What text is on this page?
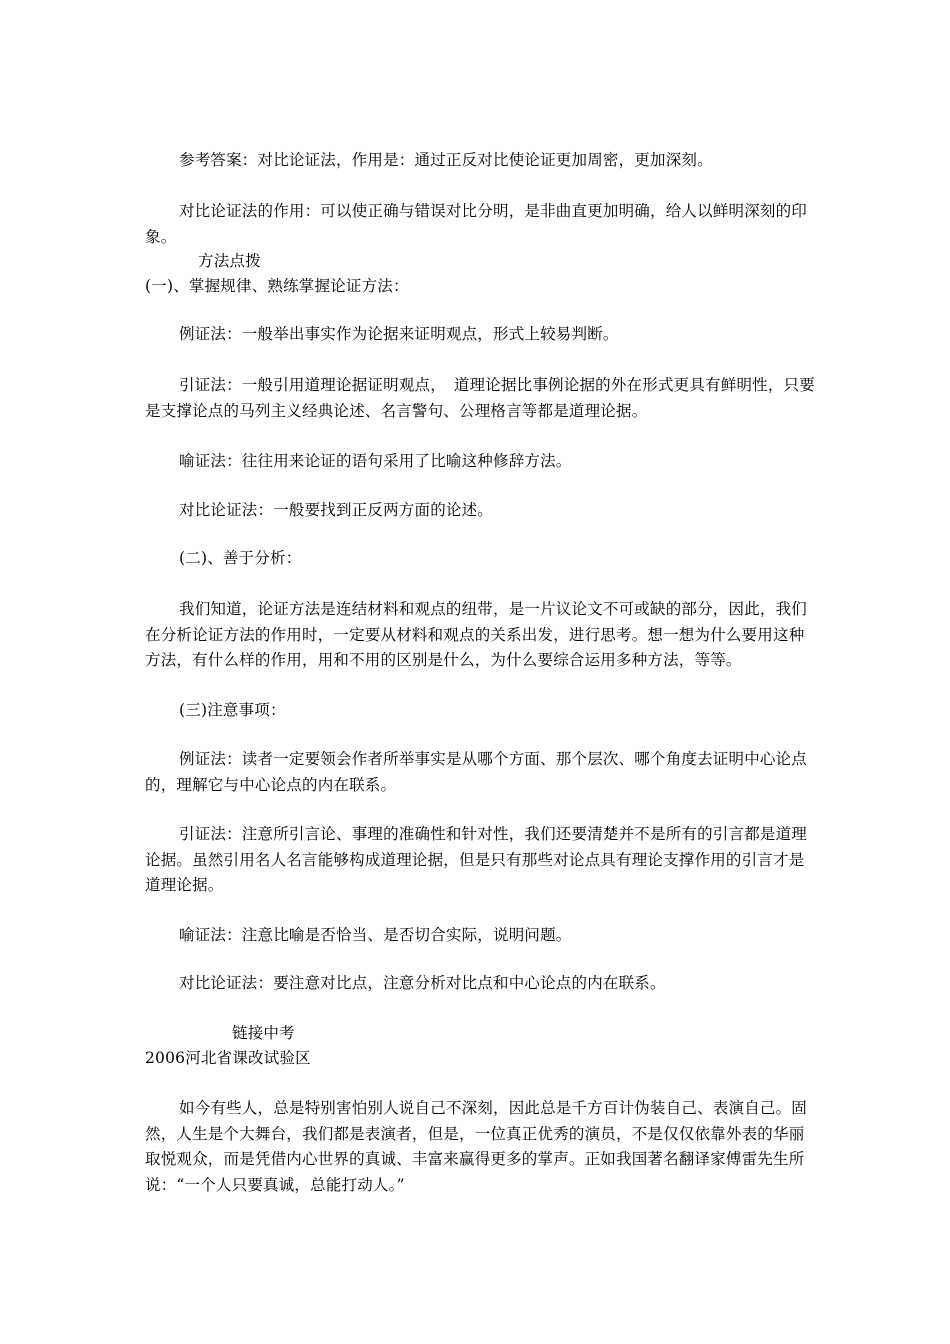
参考答案：对比论证法，作用是：通过正反对比使论证更加周密，更加深刻。

对比论证法的作用：可以使正确与错误对比分明，是非曲直更加明确，给人以鲜明深刻的印象。

方法点拨

(一)、掌握规律、熟练掌握论证方法：

例证法：一般举出事实作为论据来证明观点，形式上较易判断。

引证法：一般引用道理论据证明观点，　道理论据比事例论据的外在形式更具有鲜明性，只要是支撑论点的马列主义经典论述、名言警句、公理格言等都是道理论据。

喻证法：往往用来论证的语句采用了比喻这种修辞方法。

对比论证法：一般要找到正反两方面的论述。

(二)、善于分析：

我们知道，论证方法是连结材料和观点的纽带，是一片议论文不可或缺的部分，因此，我们在分析论证方法的作用时，一定要从材料和观点的关系出发，进行思考。想一想为什么要用这种方法，有什么样的作用，用和不用的区别是什么，为什么要综合运用多种方法，等等。

(三)注意事项：

例证法：读者一定要领会作者所举事实是从哪个方面、那个层次、哪个角度去证明中心论点的，理解它与中心论点的内在联系。

引证法：注意所引言论、事理的准确性和针对性，我们还要清楚并不是所有的引言都是道理论据。虽然引用名人名言能够构成道理论据，但是只有那些对论点具有理论支撑作用的引言才是道理论据。

喻证法：注意比喻是否恰当、是否切合实际，说明问题。

对比论证法：要注意对比点，注意分析对比点和中心论点的内在联系。

链接中考

2006河北省课改试验区

如今有些人，总是特别害怕别人说自己不深刻，因此总是千方百计伪装自己、表演自己。固然，人生是个大舞台，我们都是表演者，但是，一位真正优秀的演员，不是仅仅依靠外表的华丽取悦观众，而是凭借内心世界的真诚、丰富来赢得更多的掌声。正如我国著名翻译家傅雷先生所说：“一个人只要真诚，总能打动人。”
